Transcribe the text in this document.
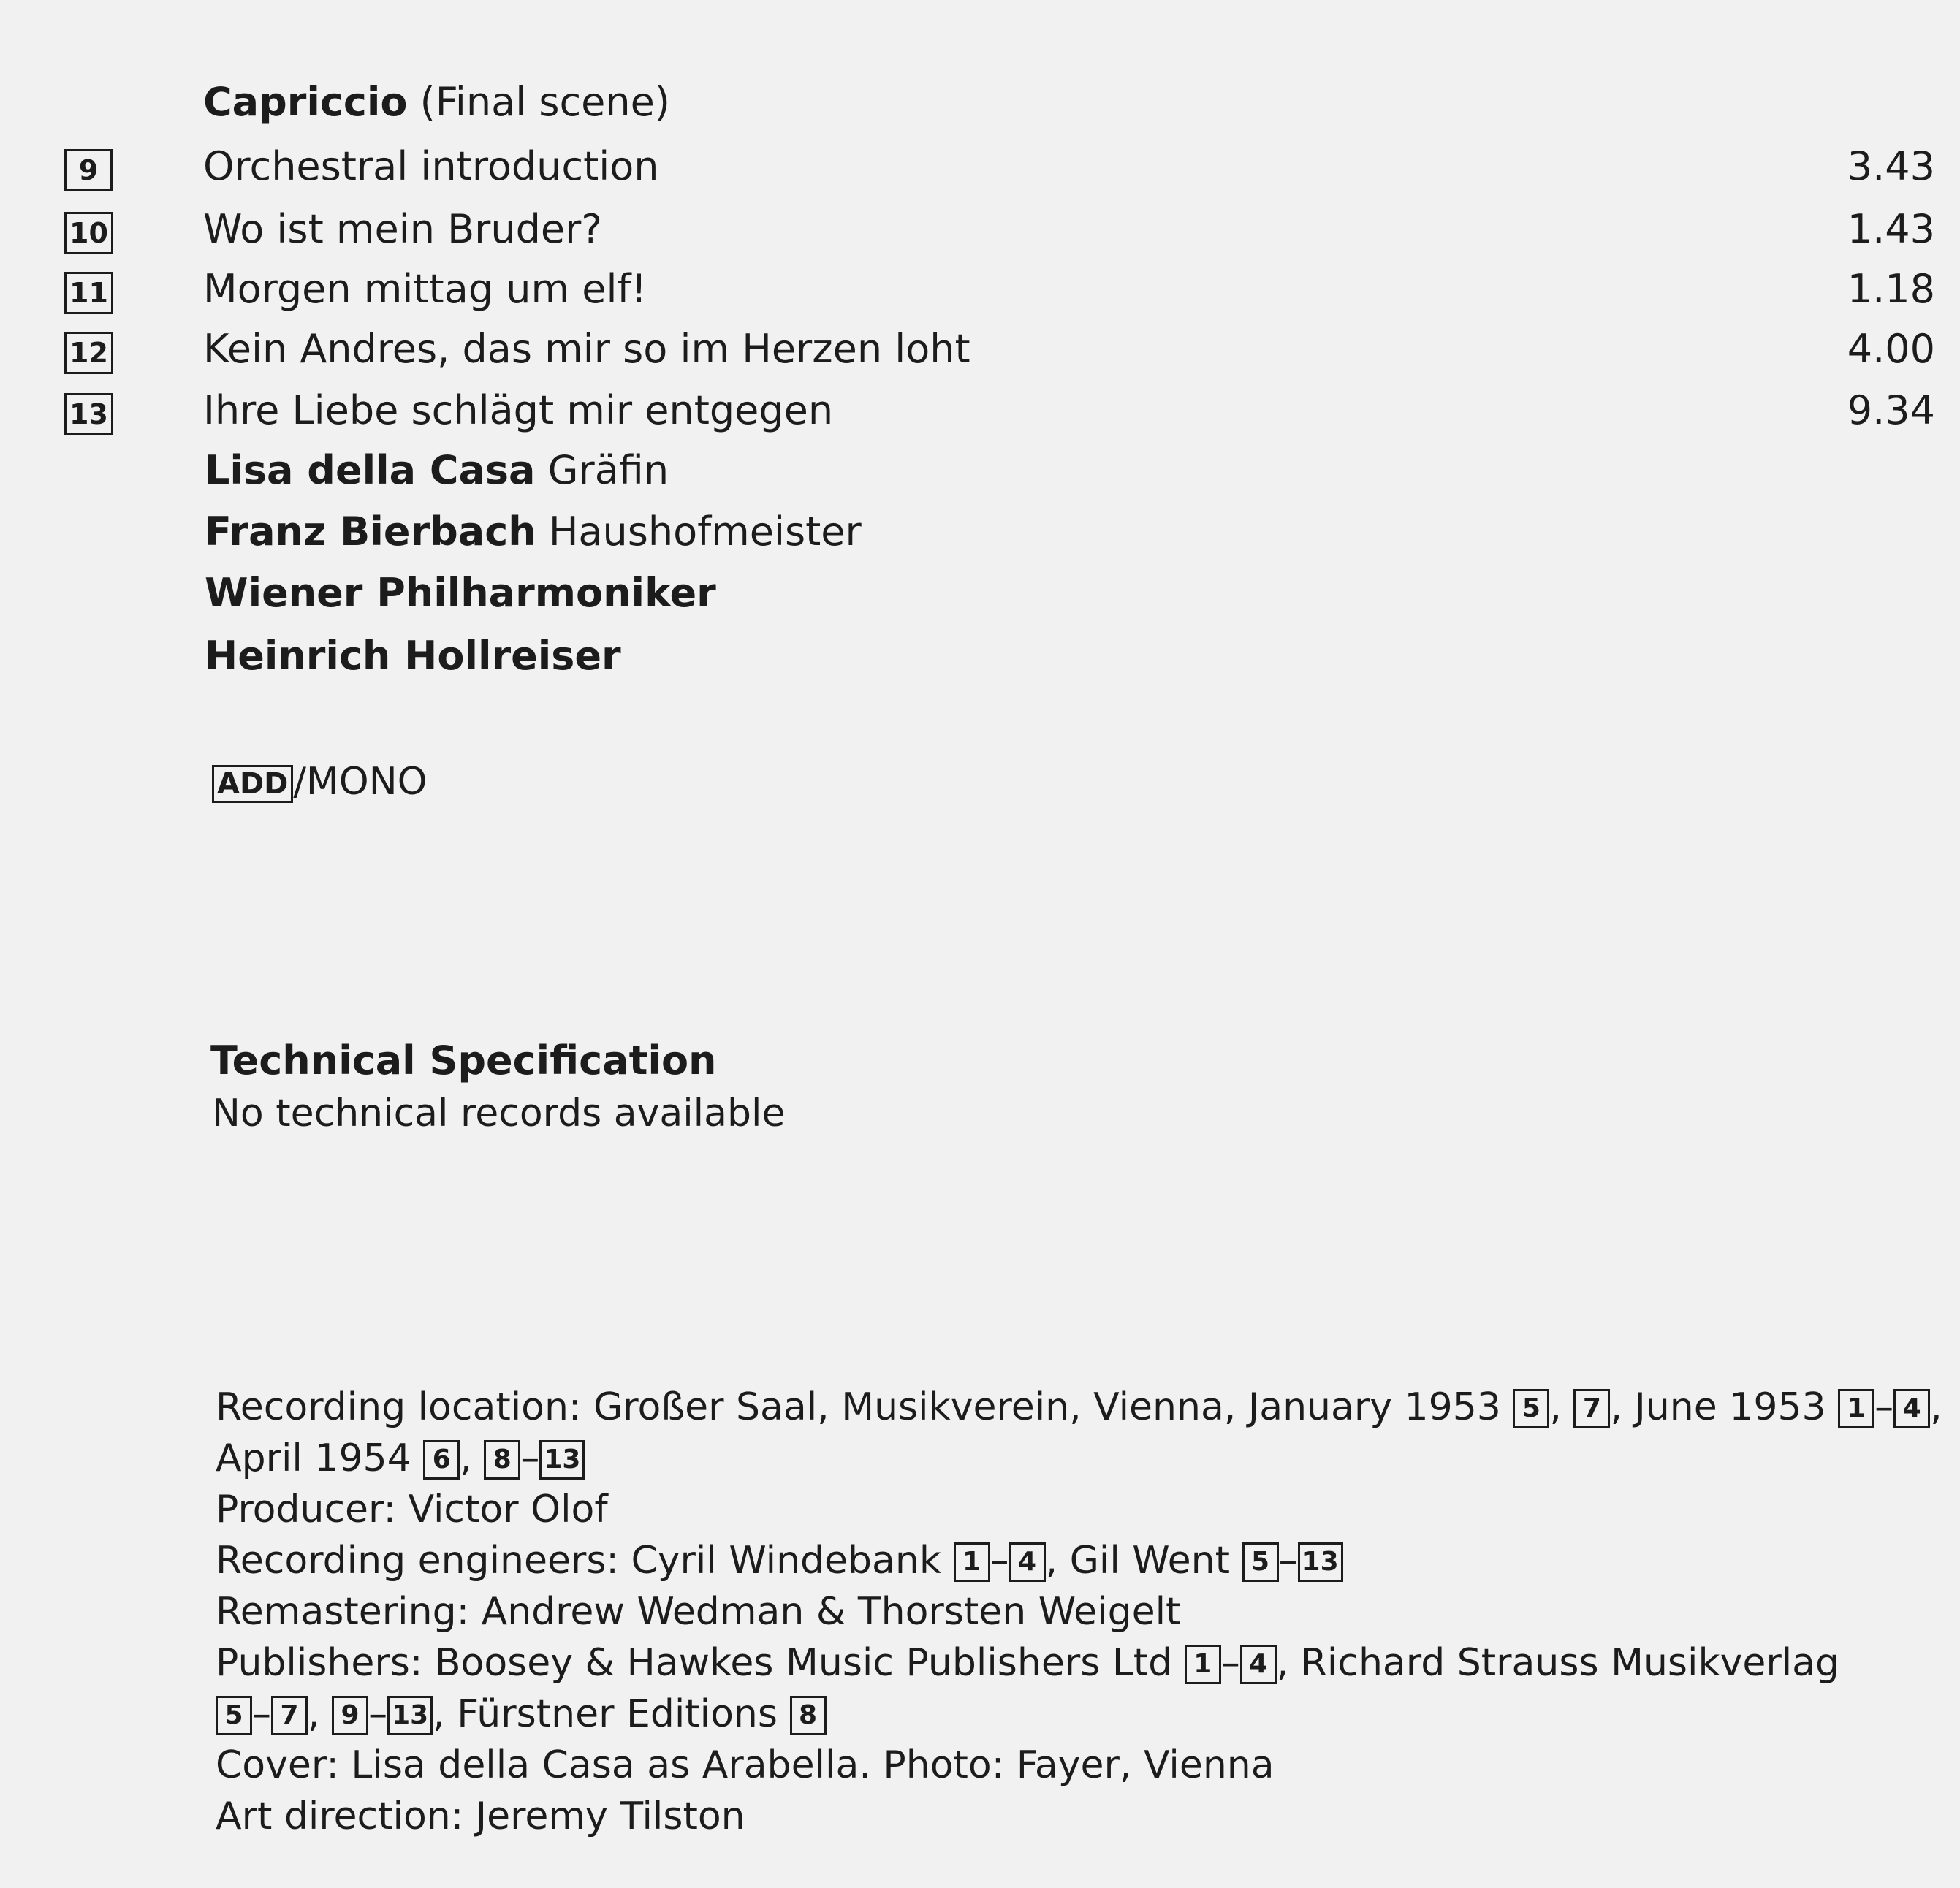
Capriccio (Final scene)
9	Orchestral introduction	3.43
10 Wo ist mein Bruder?	1.43
11 Morgen mittag um elf!	1.18
12 Kein Andres, das mir so im Herzen loht	4.00
13 Ihre Liebe schlägt mir entgegen	9.34
Lisa della Casa Gräfin
Franz Bierbach Haushofmeister
Wiener Philharmoniker
Heinrich Hollreiser
ADD /MONO
Technical Specification
No technical records available
Recording location: Großer Saal, Musikverein, Vienna, January 1953 5 , 7 , June 1953 1 – 4 ,
April 1954 6 , 8 – 13
Producer: Victor Olof
Recording engineers: Cyril Windebank 1 – 4 , Gil Went 5 – 13
Remastering: Andrew Wedman & Thorsten Weigelt
Publishers: Boosey & Hawkes Music Publishers Ltd 1 – 4 , Richard Strauss Musikverlag
5 – 7 , 9 – 13 , Fürstner Editions 8
Cover: Lisa della Casa as Arabella. Photo: Fayer, Vienna
Art direction: Jeremy Tilston
